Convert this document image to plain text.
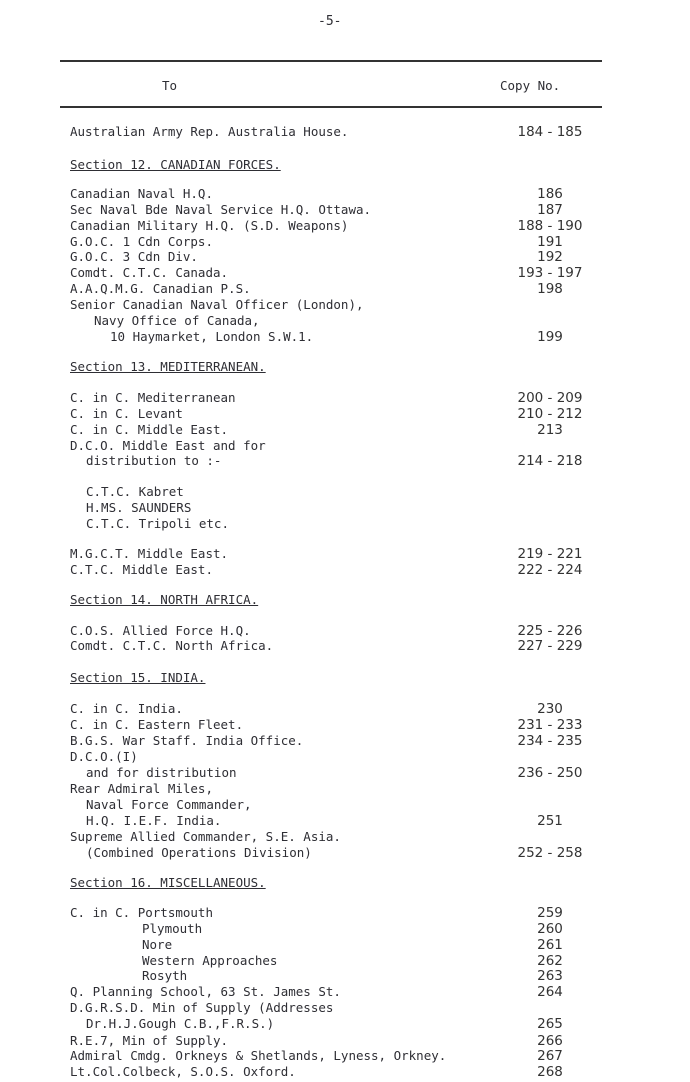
-5-
To	Copy No.
Australian Army Rep. Australia House.	184 - 185
Section 12. CANADIAN FORCES.
Canadian Naval H.Q.	186
Sec Naval Bde Naval Service H.Q. Ottawa.	187
Canadian Military H.Q. (S.D. Weapons)	188 - 190
G.O.C. 1 Cdn Corps.	191
G.O.C. 3 Cdn Div.	192
Comdt. C.T.C. Canada.	193 - 197
A.A.Q.M.G. Canadian P.S.	198
Senior Canadian Naval Officer (London),
Navy Office of Canada,
10 Haymarket, London S.W.1.	199
Section 13. MEDITERRANEAN.
C. in C. Mediterranean	200 - 209
C. in C. Levant	210 - 212
C. in C. Middle East.	213
D.C.O. Middle East and for
distribution to :-	214 - 218
C.T.C. Kabret
H.MS. SAUNDERS
C.T.C. Tripoli etc.
M.G.C.T. Middle East.	219 - 221
C.T.C. Middle East.	222 - 224
Section 14. NORTH AFRICA.
C.O.S. Allied Force H.Q.	225 - 226
Comdt. C.T.C. North Africa.	227 - 229
Section 15. INDIA.
C. in C. India.	230
C. in C. Eastern Fleet.	231 - 233
B.G.S. War Staff. India Office.	234 - 235
D.C.O.(I)
and for distribution	236 - 250
Rear Admiral Miles,
Naval Force Commander,
H.Q. I.E.F. India.	251
Supreme Allied Commander, S.E. Asia.
(Combined Operations Division)	252 - 258
Section 16. MISCELLANEOUS.
C. in C. Portsmouth	259
Plymouth	260
Nore	261
Western Approaches	262
Rosyth	263
Q. Planning School, 63 St. James St.	264
D.G.R.S.D. Min of Supply (Addresses
Dr.H.J.Gough C.B.,F.R.S.)	265
R.E.7, Min of Supply.	266
Admiral Cmdg. Orkneys & Shetlands, Lyness, Orkney.	267
Lt.Col.Colbeck, S.O.S. Oxford.	268
